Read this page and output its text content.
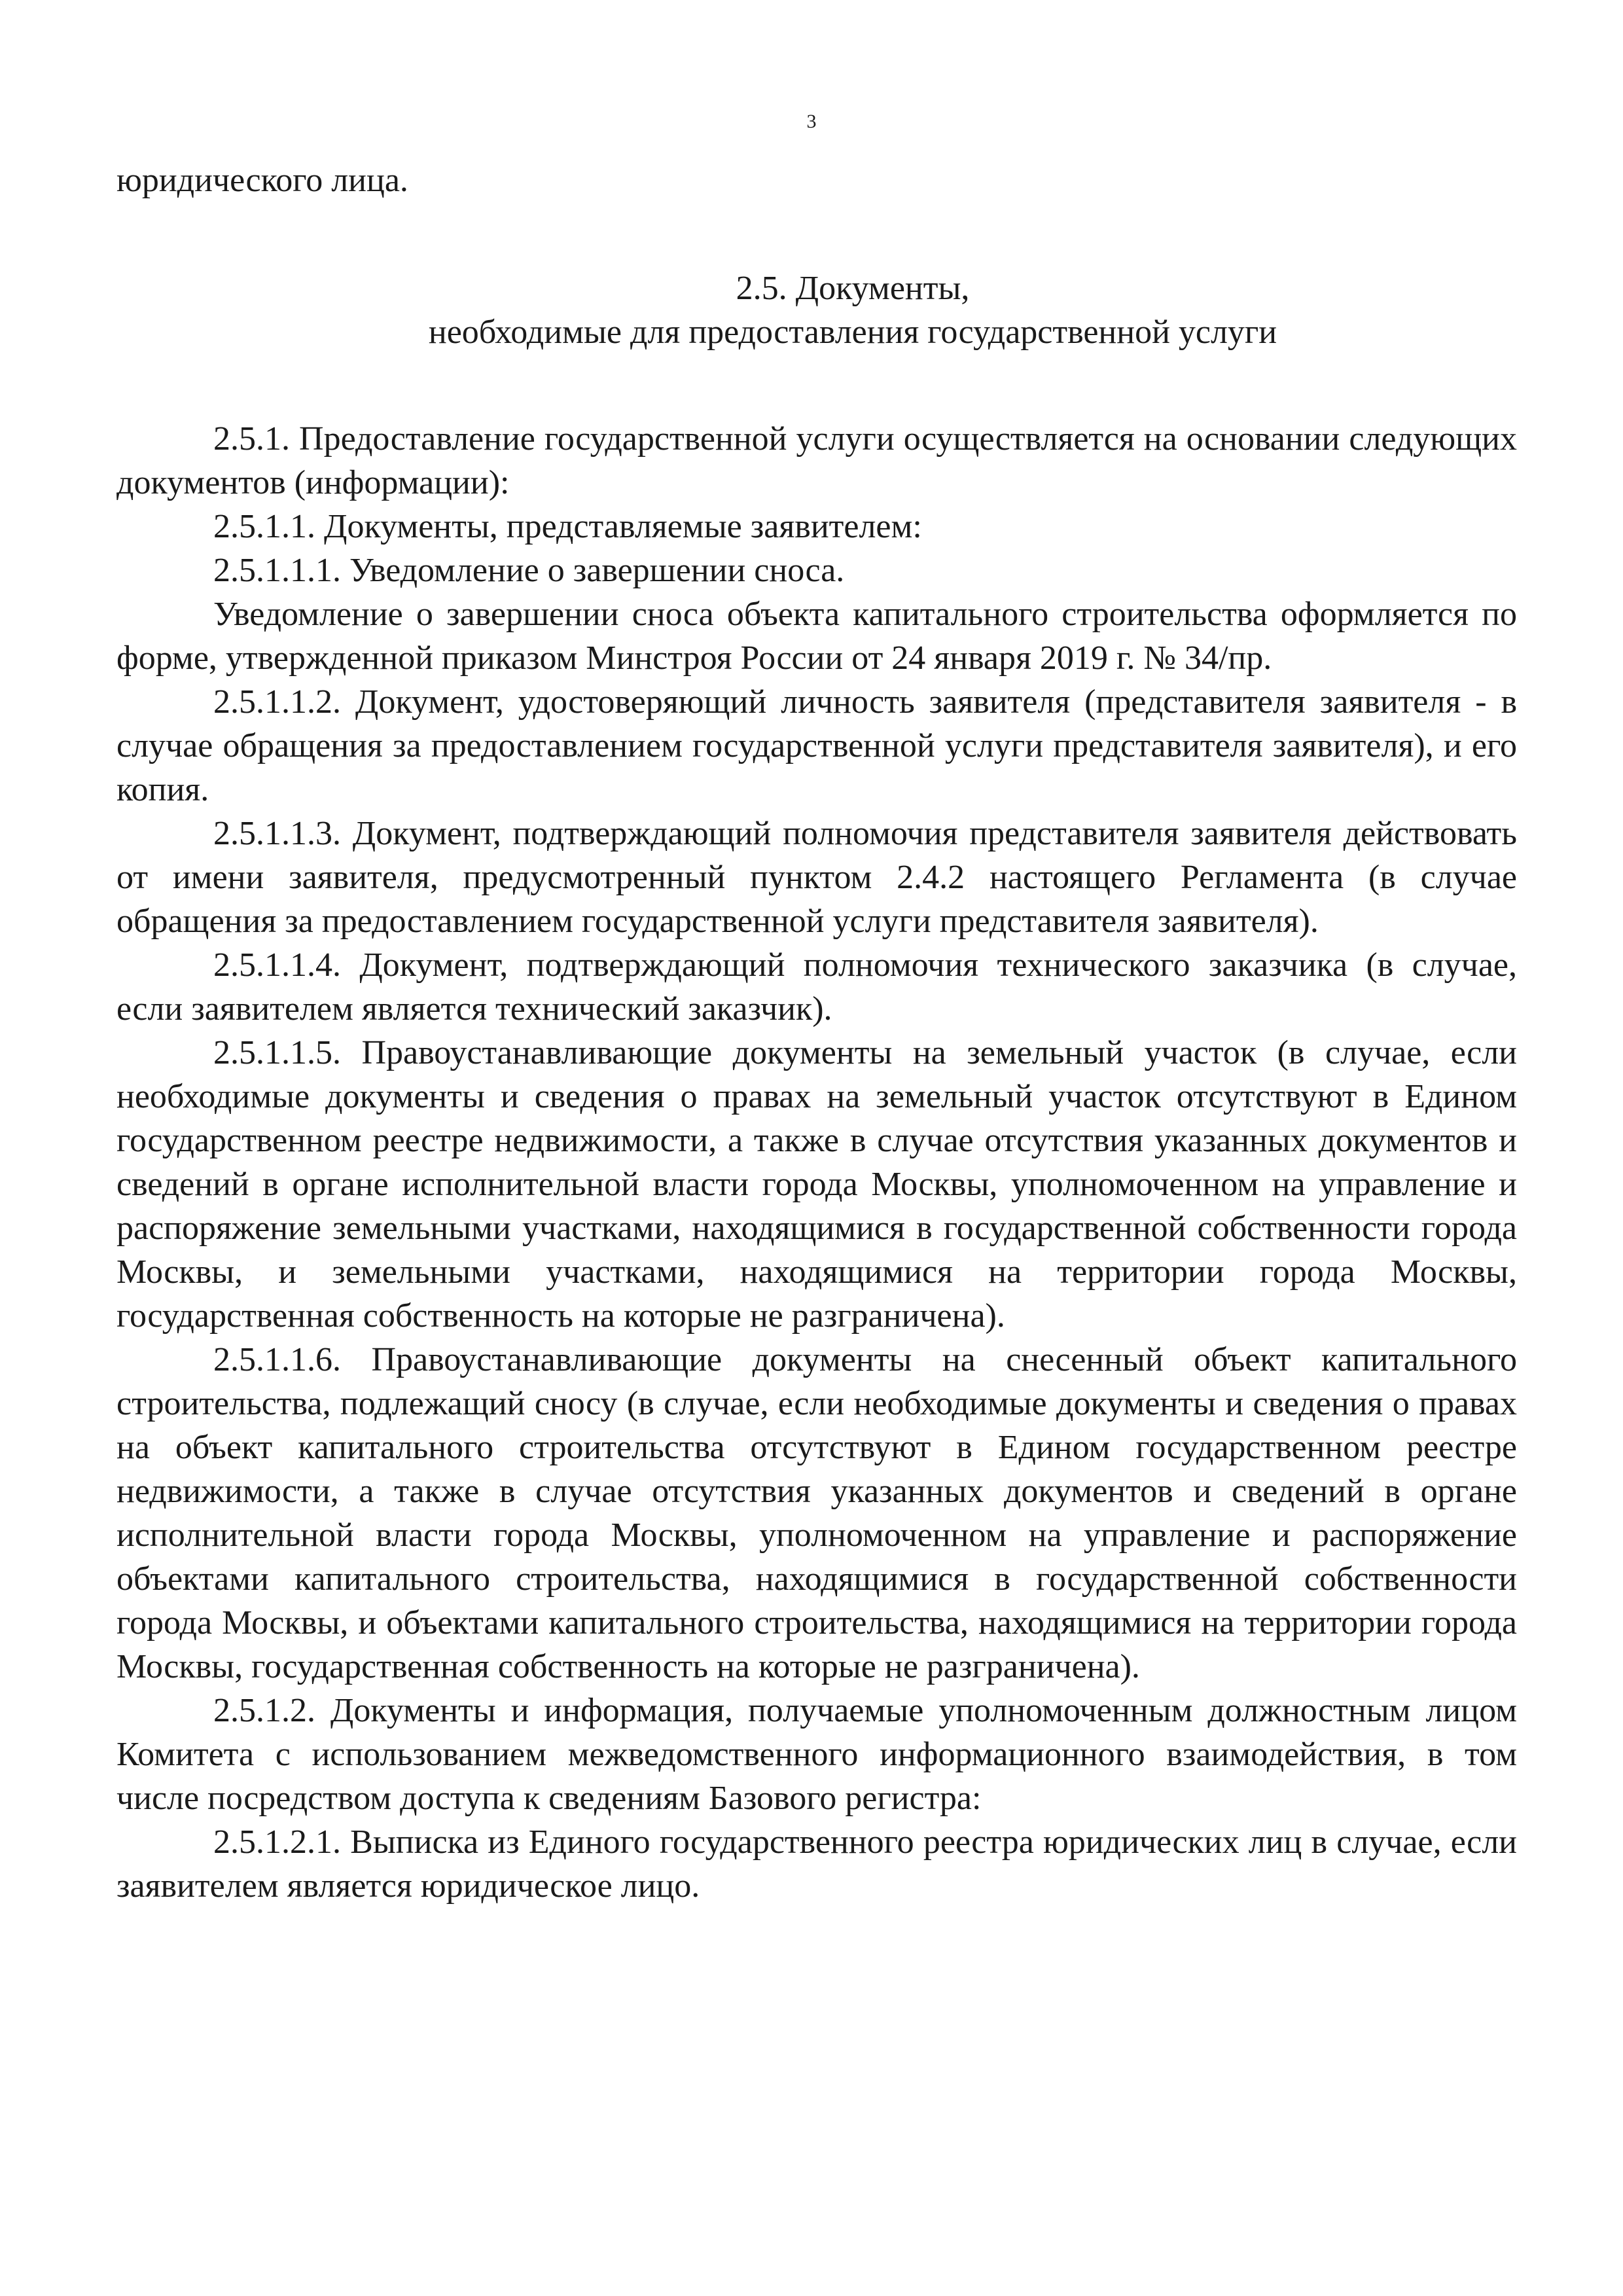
3

юридического лица.

2.5. Документы,
необходимые для предоставления государственной услуги

2.5.1. Предоставление государственной услуги осуществляется на основании следующих документов (информации):

2.5.1.1. Документы, представляемые заявителем:

2.5.1.1.1. Уведомление о завершении сноса.

Уведомление о завершении сноса объекта капитального строительства оформляется по форме, утвержденной приказом Минстроя России от 24 января 2019 г. № 34/пр.

2.5.1.1.2. Документ, удостоверяющий личность заявителя (представителя заявителя - в случае обращения за предоставлением государственной услуги представителя заявителя), и его копия.

2.5.1.1.3. Документ, подтверждающий полномочия представителя заявителя действовать от имени заявителя, предусмотренный пунктом 2.4.2 настоящего Регламента (в случае обращения за предоставлением государственной услуги представителя заявителя).

2.5.1.1.4. Документ, подтверждающий полномочия технического заказчика (в случае, если заявителем является технический заказчик).

2.5.1.1.5. Правоустанавливающие документы на земельный участок (в случае, если необходимые документы и сведения о правах на земельный участок отсутствуют в Едином государственном реестре недвижимости, а также в случае отсутствия указанных документов и сведений в органе исполнительной власти города Москвы, уполномоченном на управление и распоряжение земельными участками, находящимися в государственной собственности города Москвы, и земельными участками, находящимися на территории города Москвы, государственная собственность на которые не разграничена).

2.5.1.1.6. Правоустанавливающие документы на снесенный объект капитального строительства, подлежащий сносу (в случае, если необходимые документы и сведения о правах на объект капитального строительства отсутствуют в Едином государственном реестре недвижимости, а также в случае отсутствия указанных документов и сведений в органе исполнительной власти города Москвы, уполномоченном на управление и распоряжение объектами капитального строительства, находящимися в государственной собственности города Москвы, и объектами капитального строительства, находящимися на территории города Москвы, государственная собственность на которые не разграничена).

2.5.1.2. Документы и информация, получаемые уполномоченным должностным лицом Комитета с использованием межведомственного информационного взаимодействия, в том числе посредством доступа к сведениям Базового регистра:

2.5.1.2.1. Выписка из Единого государственного реестра юридических лиц в случае, если заявителем является юридическое лицо.
